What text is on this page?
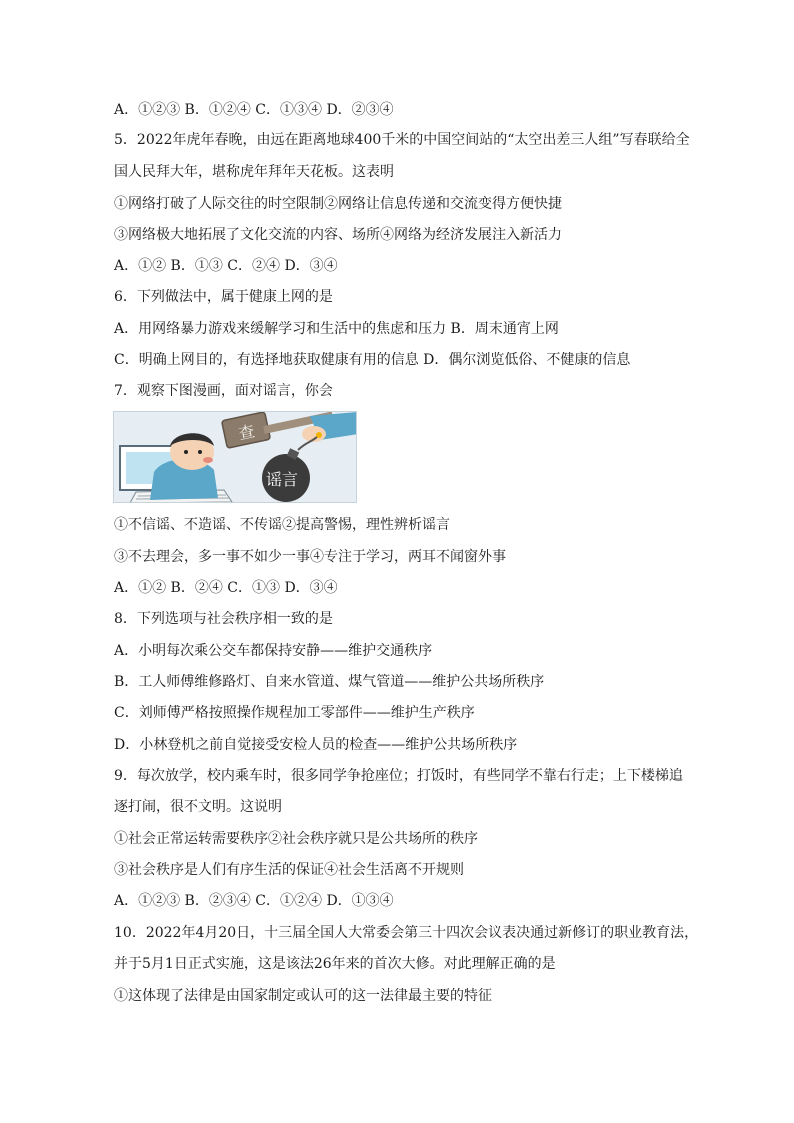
A．①②③ B．①②④ C．①③④ D．②③④
5．2022年虎年春晚，由远在距离地球400千米的中国空间站的“太空出差三人组”写春联给全
国人民拜大年，堪称虎年拜年天花板。这表明
①网络打破了人际交往的时空限制②网络让信息传递和交流变得方便快捷
③网络极大地拓展了文化交流的内容、场所④网络为经济发展注入新活力
A．①② B．①③ C．②④ D．③④
6．下列做法中，属于健康上网的是
A．用网络暴力游戏来缓解学习和生活中的焦虑和压力 B．周末通宵上网
C．明确上网目的，有选择地获取健康有用的信息 D．偶尔浏览低俗、不健康的信息
7．观察下图漫画，面对谣言，你会
查
谣言
①不信谣、不造谣、不传谣②提高警惕，理性辨析谣言
③不去理会，多一事不如少一事④专注于学习，两耳不闻窗外事
A．①② B．②④ C．①③ D．③④
8．下列选项与社会秩序相一致的是
A．小明每次乘公交车都保持安静——维护交通秩序
B．工人师傅维修路灯、自来水管道、煤气管道——维护公共场所秩序
C．刘师傅严格按照操作规程加工零部件——维护生产秩序
D．小林登机之前自觉接受安检人员的检查——维护公共场所秩序
9．每次放学，校内乘车时，很多同学争抢座位；打饭时，有些同学不靠右行走；上下楼梯追
逐打闹，很不文明。这说明
①社会正常运转需要秩序②社会秩序就只是公共场所的秩序
③社会秩序是人们有序生活的保证④社会生活离不开规则
A．①②③ B．②③④ C．①②④ D．①③④
10．2022年4月20日，十三届全国人大常委会第三十四次会议表决通过新修订的职业教育法，
并于5月1日正式实施，这是该法26年来的首次大修。对此理解正确的是
①这体现了法律是由国家制定或认可的这一法律最主要的特征
